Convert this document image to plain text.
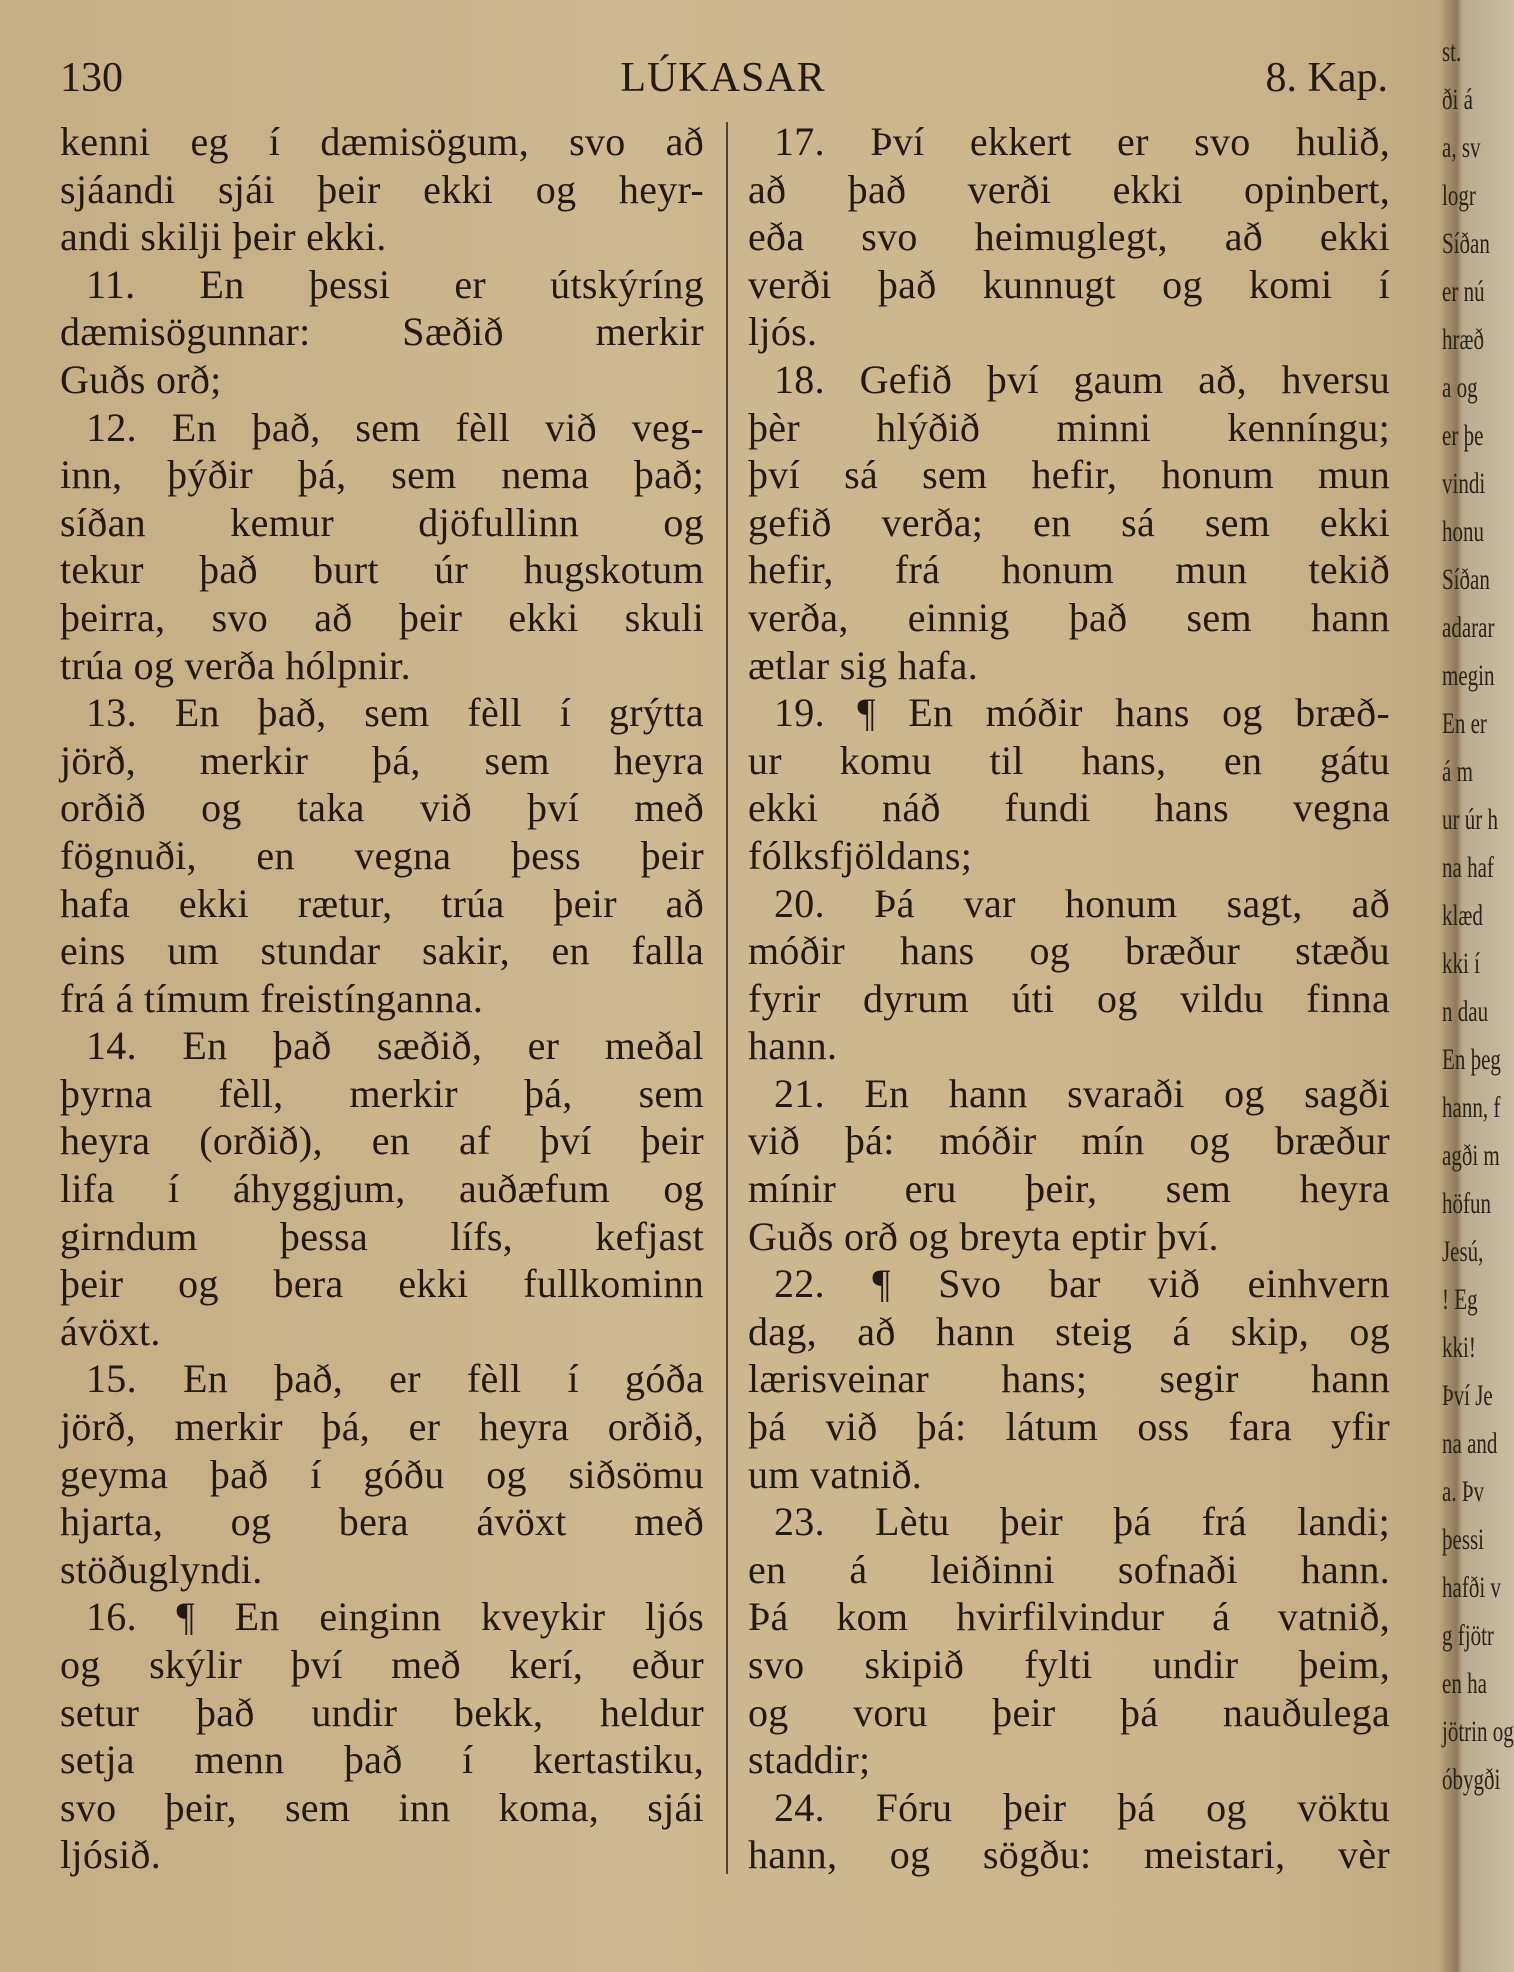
130	LÚKASAR	8. Kap.
kenni eg í dæmisögum, svo að
sjáandi sjái þeir ekki og heyr-
andi skilji þeir ekki.
11. En þessi er útskýríng
dæmisögunnar: Sæðið merkir
Guðs orð;
12. En það, sem fèll við veg-
inn, þýðir þá, sem nema það;
síðan kemur djöfullinn og
tekur það burt úr hugskotum
þeirra, svo að þeir ekki skuli
trúa og verða hólpnir.
13. En það, sem fèll í grýtta
jörð, merkir þá, sem heyra
orðið og taka við því með
fögnuði, en vegna þess þeir
hafa ekki rætur, trúa þeir að
eins um stundar sakir, en falla
frá á tímum freistínganna.
14. En það sæðið, er meðal
þyrna fèll, merkir þá, sem
heyra (orðið), en af því þeir
lifa í áhyggjum, auðæfum og
girndum þessa lífs, kefjast
þeir og bera ekki fullkominn
ávöxt.
15. En það, er fèll í góða
jörð, merkir þá, er heyra orðið,
geyma það í góðu og siðsömu
hjarta, og bera ávöxt með
stöðuglyndi.
16. ¶ En einginn kveykir ljós
og skýlir því með kerí, eður
setur það undir bekk, heldur
setja menn það í kertastiku,
svo þeir, sem inn koma, sjái
ljósið.
17. Því ekkert er svo hulið,
að það verði ekki opinbert,
eða svo heimuglegt, að ekki
verði það kunnugt og komi í
ljós.
18. Gefið því gaum að, hversu
þèr hlýðið minni kenníngu;
því sá sem hefir, honum mun
gefið verða; en sá sem ekki
hefir, frá honum mun tekið
verða, einnig það sem hann
ætlar sig hafa.
19. ¶ En móðir hans og bræð-
ur komu til hans, en gátu
ekki náð fundi hans vegna
fólksfjöldans;
20. Þá var honum sagt, að
móðir hans og bræður stæðu
fyrir dyrum úti og vildu finna
hann.
21. En hann svaraði og sagði
við þá: móðir mín og bræður
mínir eru þeir, sem heyra
Guðs orð og breyta eptir því.
22. ¶ Svo bar við einhvern
dag, að hann steig á skip, og
lærisveinar hans; segir hann
þá við þá: látum oss fara yfir
um vatnið.
23. Lètu þeir þá frá landi;
en á leiðinni sofnaði hann.
Þá kom hvirfilvindur á vatnið,
svo skipið fylti undir þeim,
og voru þeir þá nauðulega
staddir;
24. Fóru þeir þá og vöktu
hann, og sögðu: meistari, vèr
st.
ði á
a, sv
logr
Síðan
er nú
hræð
a og
er þe
vindi
honu
Síðan
adarar
megin
En er
á m
ur úr h
na haf
klæd
kki í
n dau
En þeg
hann, f
agði m
höfun
Jesú,
! Eg
kki!
Því Je
na and
a. Þv
þessi
hafði v
g fjötr
en ha
jötrin og
óbygði
